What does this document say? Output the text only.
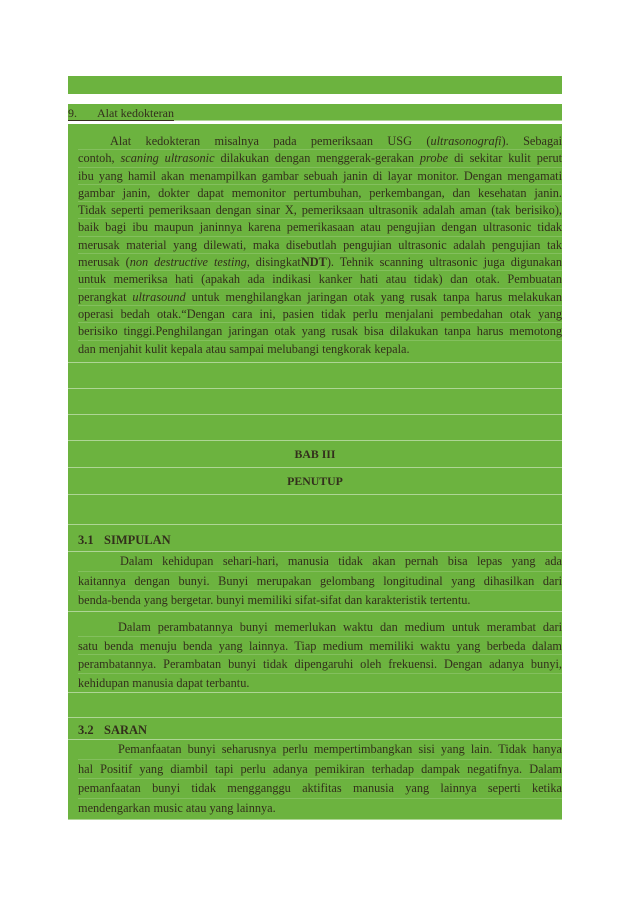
9. Alat kedokteran
Alat kedokteran misalnya pada pemeriksaan USG (ultrasonografi). Sebagai
contoh, scaning ultrasonic dilakukan dengan menggerak-gerakan probe di sekitar kulit perut
ibu yang hamil akan menampilkan gambar sebuah janin di layar monitor. Dengan mengamati
gambar janin, dokter dapat memonitor pertumbuhan, perkembangan, dan kesehatan janin.
Tidak seperti pemeriksaan dengan sinar X, pemeriksaan ultrasonik adalah aman (tak berisiko),
baik bagi ibu maupun janinnya karena pemerikasaan atau pengujian dengan ultrasonic tidak
merusak material yang dilewati, maka disebutlah pengujian ultrasonic adalah pengujian tak
merusak (non destructive testing, disingkatNDT). Tehnik scanning ultrasonic juga digunakan
untuk memeriksa hati (apakah ada indikasi kanker hati atau tidak) dan otak. Pembuatan
perangkat ultrasound untuk menghilangkan jaringan otak yang rusak tanpa harus melakukan
operasi bedah otak.“Dengan cara ini, pasien tidak perlu menjalani pembedahan otak yang
berisiko tinggi.Penghilangan jaringan otak yang rusak bisa dilakukan tanpa harus memotong
dan menjahit kulit kepala atau sampai melubangi tengkorak kepala.
BAB III
PENUTUP
3.1 SIMPULAN
Dalam kehidupan sehari-hari, manusia tidak akan pernah bisa lepas yang ada
kaitannya dengan bunyi. Bunyi merupakan gelombang longitudinal yang dihasilkan dari
benda-benda yang bergetar. bunyi memiliki sifat-sifat dan karakteristik tertentu.
Dalam perambatannya bunyi memerlukan waktu dan medium untuk merambat dari
satu benda menuju benda yang lainnya. Tiap medium memiliki waktu yang berbeda dalam
perambatannya. Perambatan bunyi tidak dipengaruhi oleh frekuensi. Dengan adanya bunyi,
kehidupan manusia dapat terbantu.
3.2 SARAN
Pemanfaatan bunyi seharusnya perlu mempertimbangkan sisi yang lain. Tidak hanya
hal Positif yang diambil tapi perlu adanya pemikiran terhadap dampak negatifnya. Dalam
pemanfaatan bunyi tidak mengganggu aktifitas manusia yang lainnya seperti ketika
mendengarkan music atau yang lainnya.
